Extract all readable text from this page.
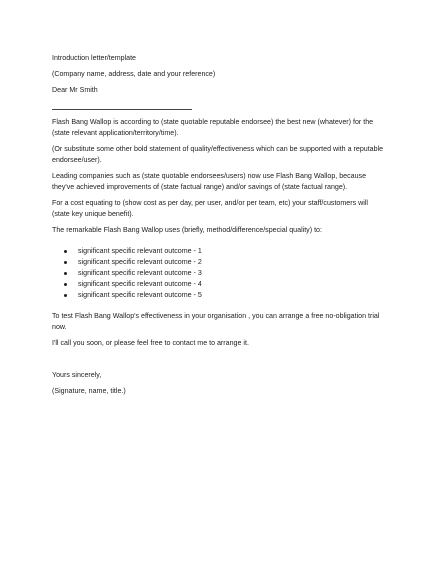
Introduction letter/template
(Company name, address, date and your reference)
Dear Mr Smith
Flash Bang Wallop is according to (state quotable reputable endorsee) the best new (whatever) for the
(state relevant application/territory/time).
(Or substitute some other bold statement of quality/effectiveness which can be supported with a reputable
endorsee/user).
Leading companies such as (state quotable endorsees/users) now use Flash Bang Wallop, because
they've achieved improvements of (state factual range) and/or savings of (state factual range).
For a cost equating to (show cost as per day, per user, and/or per team, etc) your staff/customers will
(state key unique benefit).
The remarkable Flash Bang Wallop uses (briefly, method/difference/special quality) to:
significant specific relevant outcome - 1
significant specific relevant outcome - 2
significant specific relevant outcome - 3
significant specific relevant outcome - 4
significant specific relevant outcome - 5
To test Flash Bang Wallop's effectiveness in your organisation , you can arrange a free no-obligation trial
now.
I'll call you soon, or please feel free to contact me to arrange it.
Yours sincerely,
(Signature, name, title.)
